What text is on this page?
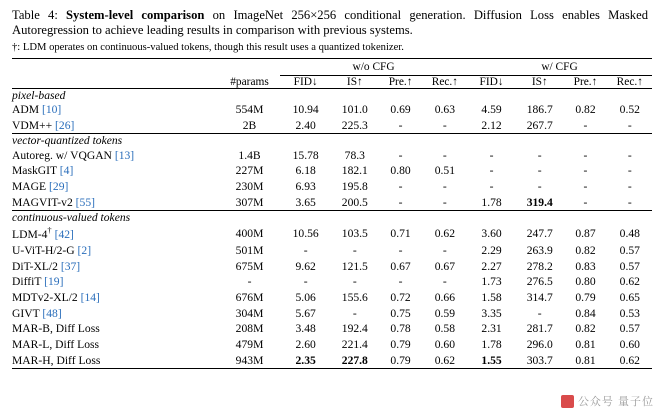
Table 4: System-level comparison on ImageNet 256×256 conditional generation. Diffusion Loss enables Masked Autoregression to achieve leading results in comparison with previous systems.

†: LDM operates on continuous-valued tokens, though this result uses a quantized tokenizer.

		w/o CFG				w/ CFG			
	#params	FID↓	IS↑	Pre.↑	Rec.↑	FID↓	IS↑	Pre.↑	Rec.↑
pixel-based									
ADM [10]	554M	10.94	101.0	0.69	0.63	4.59	186.7	0.82	0.52
VDM++ [26]	2B	2.40	225.3	-	-	2.12	267.7	-	-
vector-quantized tokens									
Autoreg. w/ VQGAN [13]	1.4B	15.78	78.3	-	-	-	-	-	-
MaskGIT [4]	227M	6.18	182.1	0.80	0.51	-	-	-	-
MAGE [29]	230M	6.93	195.8	-	-	-	-	-	-
MAGVIT-v2 [55]	307M	3.65	200.5	-	-	1.78	319.4	-	-
continuous-valued tokens									
LDM-4† [42]	400M	10.56	103.5	0.71	0.62	3.60	247.7	0.87	0.48
U-ViT-H/2-G [2]	501M	-	-	-	-	2.29	263.9	0.82	0.57
DiT-XL/2 [37]	675M	9.62	121.5	0.67	0.67	2.27	278.2	0.83	0.57
DiffiT [19]	-	-	-	-	-	1.73	276.5	0.80	0.62
MDTv2-XL/2 [14]	676M	5.06	155.6	0.72	0.66	1.58	314.7	0.79	0.65
GIVT [48]	304M	5.67	-	0.75	0.59	3.35	-	0.84	0.53
MAR-B, Diff Loss	208M	3.48	192.4	0.78	0.58	2.31	281.7	0.82	0.57
MAR-L, Diff Loss	479M	2.60	221.4	0.79	0.60	1.78	296.0	0.81	0.60
MAR-H, Diff Loss	943M	2.35	227.8	0.79	0.62	1.55	303.7	0.81	0.62

公众号 量子位
